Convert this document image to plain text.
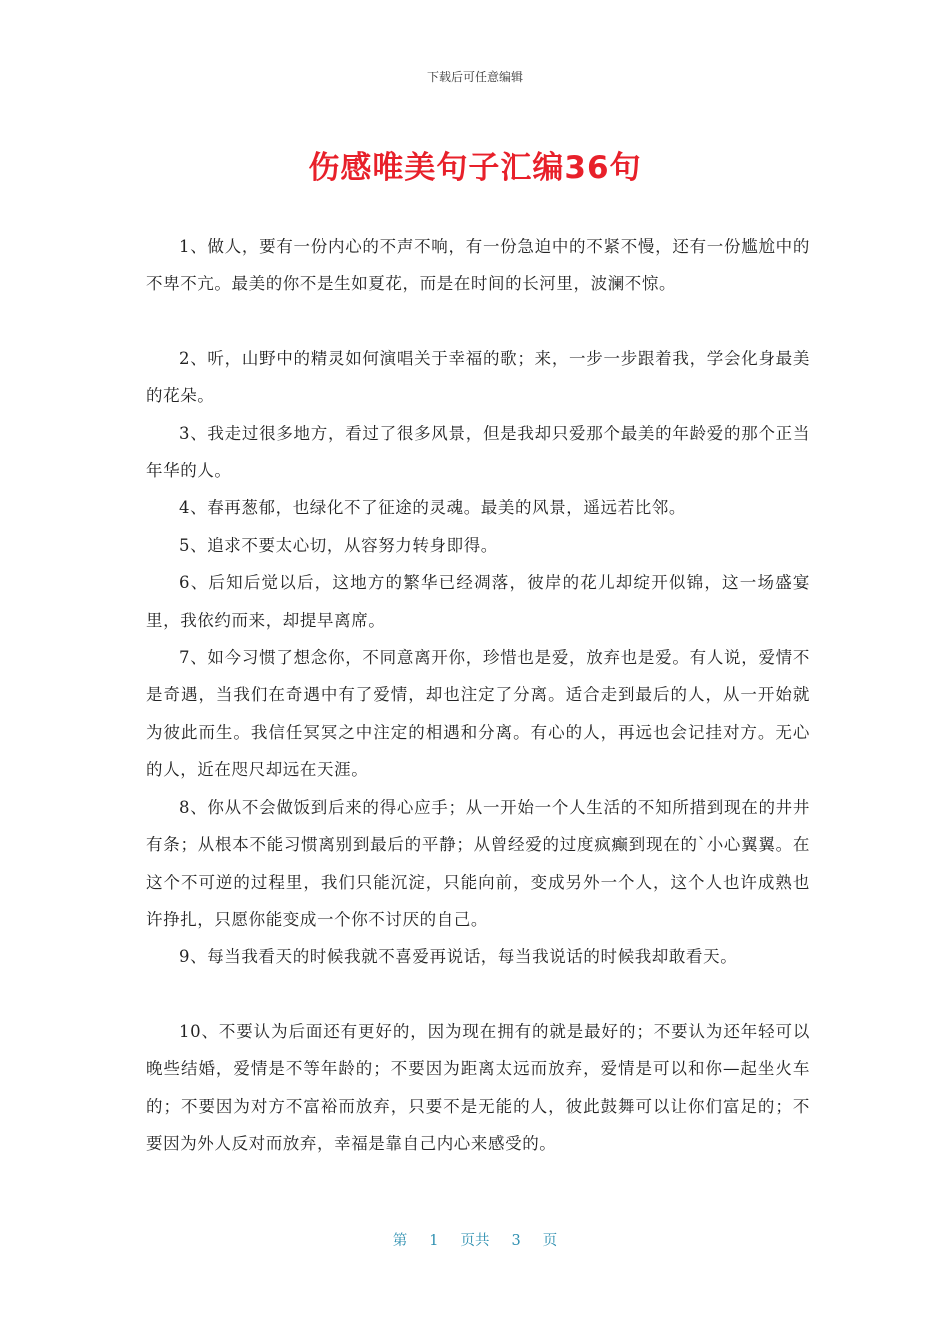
下载后可任意编辑
伤感唯美句子汇编36句

1、做人，要有一份内心的不声不响，有一份急迫中的不紧不慢，还有一份尴尬中的不卑不亢。最美的你不是生如夏花，而是在时间的长河里，波澜不惊。

2、听，山野中的精灵如何演唱关于幸福的歌；来，一步一步跟着我，学会化身最美的花朵。

3、我走过很多地方，看过了很多风景，但是我却只爱那个最美的年龄爱的那个正当年华的人。

4、春再葱郁，也绿化不了征途的灵魂。最美的风景，遥远若比邻。

5、追求不要太心切，从容努力转身即得。

6、后知后觉以后，这地方的繁华已经凋落，彼岸的花儿却绽开似锦，这一场盛宴里，我依约而来，却提早离席。

7、如今习惯了想念你，不同意离开你，珍惜也是爱，放弃也是爱。有人说，爱情不是奇遇，当我们在奇遇中有了爱情，却也注定了分离。适合走到最后的人，从一开始就为彼此而生。我信任冥冥之中注定的相遇和分离。有心的人，再远也会记挂对方。无心的人，近在咫尺却远在天涯。

8、你从不会做饭到后来的得心应手；从一开始一个人生活的不知所措到现在的井井有条；从根本不能习惯离别到最后的平静；从曾经爱的过度疯癫到现在的`小心翼翼。在这个不可逆的过程里，我们只能沉淀，只能向前，变成另外一个人，这个人也许成熟也许挣扎，只愿你能变成一个你不讨厌的自己。

9、每当我看天的时候我就不喜爱再说话，每当我说话的时候我却敢看天。

10、不要认为后面还有更好的，因为现在拥有的就是最好的；不要认为还年轻可以晚些结婚，爱情是不等年龄的；不要因为距离太远而放弃，爱情是可以和你—起坐火车的；不要因为对方不富裕而放弃，只要不是无能的人，彼此鼓舞可以让你们富足的；不要因为外人反对而放弃，幸福是靠自己内心来感受的。

第 1 页共 3 页
